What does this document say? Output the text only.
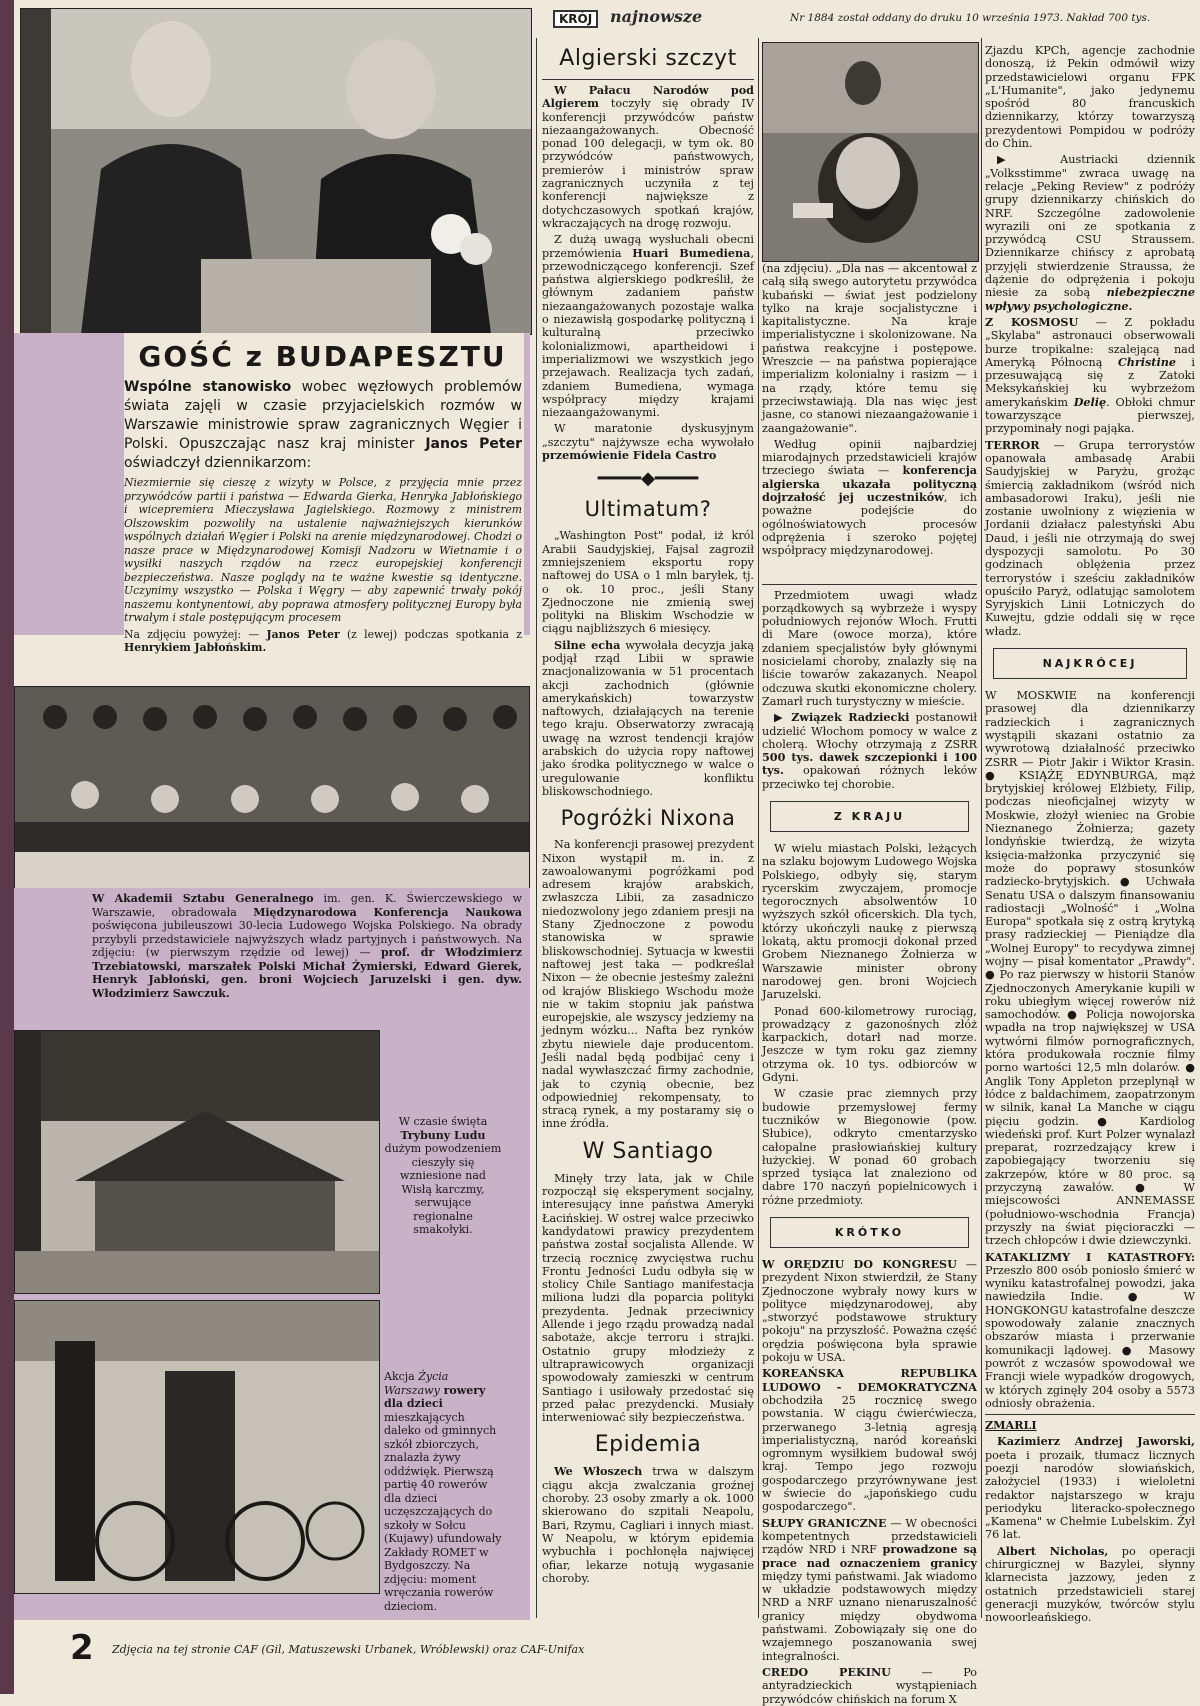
KRÓJ	najnowsze	Nr 1884 został oddany do druku 10 września 1973. Nakład 700 tys.
GOŚĆ z BUDAPESZTU

Wspólne stanowisko wobec węzłowych problemów świata zajęli w czasie przyjacielskich rozmów w Warszawie ministrowie spraw zagranicznych Węgier i Polski. Opuszczając nasz kraj minister Janos Peter oświadczył dziennikarzom:

Niezmiernie się cieszę z wizyty w Polsce, z przyjęcia mnie przez przywódców partii i państwa — Edwarda Gierka, Henryka Jabłońskiego i wicepremiera Mieczysława Jagielskiego. Rozmowy z ministrem Olszowskim pozwoliły na ustalenie najważniejszych kierunków wspólnych działań Węgier i Polski na arenie międzynarodowej. Chodzi o nasze prace w Międzynarodowej Komisji Nadzoru w Wietnamie i o wysiłki naszych rządów na rzecz europejskiej konferencji bezpieczeństwa. Nasze poglądy na te ważne kwestie są identyczne. Uczynimy wszystko — Polska i Węgry — aby zapewnić trwały pokój naszemu kontynentowi, aby poprawa atmosfery politycznej Europy była trwałym i stale postępującym procesem

Na zdjęciu powyżej: — Janos Peter (z lewej) podczas spotkania z Henrykiem Jabłońskim.

W Akademii Sztabu Generalnego im. gen. K. Świerczewskiego w Warszawie, obradowała Międzynarodowa Konferencja Naukowa poświęcona jubileuszowi 30-lecia Ludowego Wojska Polskiego. Na obrady przybyli przedstawiciele najwyższych władz partyjnych i państwowych. Na zdjęciu: (w pierwszym rzędzie od lewej) — prof. dr Włodzimierz Trzebiatowski, marszałek Polski Michał Żymierski, Edward Gierek, Henryk Jabłoński, gen. broni Wojciech Jaruzelski i gen. dyw. Włodzimierz Sawczuk.
W czasie święta Trybuny Ludu dużym powodzeniem cieszyły się wzniesione nad Wisłą karczmy, serwujące regionalne smakołyki.
Akcja Życia Warszawy rowery dla dzieci mieszkających daleko od gminnych szkół zbiorczych, znalazła żywy oddźwięk. Pierwszą partię 40 rowerów dla dzieci uczęszczających do szkoły w Sołcu (Kujawy) ufundowały Zakłady ROMET w Bydgoszczy. Na zdjęciu: moment wręczania rowerów dzieciom.
2 Zdjęcia na tej stronie CAF (Gil, Matuszewski Urbanek, Wróblewski) oraz CAF-Unifax
Algierski szczyt

W Pałacu Narodów pod Algierem toczyły się obrady IV konferencji przywódców państw niezaangażowanych. Obecność ponad 100 delegacji, w tym ok. 80 przywódców państwowych, premierów i ministrów spraw zagranicznych uczyniła z tej konferencji największe z dotychczasowych spotkań krajów, wkraczających na drogę rozwoju.

Z dużą uwagą wysłuchali obecni przemówienia Huari Bumediena, przewodniczącego konferencji. Szef państwa algierskiego podkreślił, że głównym zadaniem państw niezaangażowanych pozostaje walka o niezawisłą gospodarkę polityczną i kulturalną przeciwko kolonializmowi, apartheidowi i imperializmowi we wszystkich jego przejawach. Realizacja tych zadań, zdaniem Bumediena, wymaga współpracy między krajami niezaangażowanymi.

W maratonie dyskusyjnym „szczytu" najżywsze echa wywołało przemówienie Fidela Castro

━━━━◆━━━━
Ultimatum?

„Washington Post" podał, iż król Arabii Saudyjskiej, Fajsal zagroził zmniejszeniem eksportu ropy naftowej do USA o 1 mln baryłek, tj. o ok. 10 proc., jeśli Stany Zjednoczone nie zmienią swej polityki na Bliskim Wschodzie w ciągu najbliższych 6 miesięcy.

Silne echa wywołała decyzja jaką podjął rząd Libii w sprawie znacjonalizowania w 51 procentach akcji zachodnich (głównie amerykańskich) towarzystw naftowych, działających na terenie tego kraju. Obserwatorzy zwracają uwagę na wzrost tendencji krajów arabskich do użycia ropy naftowej jako środka politycznego w walce o uregulowanie konfliktu bliskowschodniego.

Pogróżki Nixona

Na konferencji prasowej prezydent Nixon wystąpił m. in. z zawoalowanymi pogróżkami pod adresem krajów arabskich, zwłaszcza Libii, za zasadniczo niedozwolony jego zdaniem presji na Stany Zjednoczone z powodu stanowiska w sprawie bliskowschodniej. Sytuacja w kwestii naftowej jest taka — podkreślał Nixon — że obecnie jesteśmy zależni od krajów Bliskiego Wschodu może nie w takim stopniu jak państwa europejskie, ale wszyscy jedziemy na jednym wózku... Nafta bez rynków zbytu niewiele daje producentom. Jeśli nadal będą podbijać ceny i nadal wywłaszczać firmy zachodnie, jak to czynią obecnie, bez odpowiedniej rekompensaty, to stracą rynek, a my postaramy się o inne źródła.

W Santiago

Minęły trzy lata, jak w Chile rozpoczął się eksperyment socjalny, interesujący inne państwa Ameryki Łacińskiej. W ostrej walce przeciwko kandydatowi prawicy prezydentem państwa został socjalista Allende. W trzecią rocznicę zwycięstwa ruchu Frontu Jedności Ludu odbyła się w stolicy Chile Santiago manifestacja miliona ludzi dla poparcia polityki prezydenta. Jednak przeciwnicy Allende i jego rządu prowadzą nadal sabotaże, akcje terroru i strajki. Ostatnio grupy młodzieży z ultraprawicowych organizacji spowodowały zamieszki w centrum Santiago i usiłowały przedostać się przed pałac prezydencki. Musiały interweniować siły bezpieczeństwa.

Epidemia

We Włoszech trwa w dalszym ciągu akcja zwalczania groźnej choroby. 23 osoby zmarły a ok. 1000 skierowano do szpitali Neapolu, Bari, Rzymu, Cagliari i innych miast. W Neapolu, w którym epidemia wybuchła i pochłonęła najwięcej ofiar, lekarze notują wygasanie choroby.

(na zdjęciu). „Dla nas — akcentował z całą siłą swego autorytetu przywódca kubański — świat jest podzielony tylko na kraje socjalistyczne i kapitalistyczne. Na kraje imperialistyczne i skolonizowane. Na państwa reakcyjne i postępowe. Wreszcie — na państwa popierające imperializm kolonialny i rasizm — i na rządy, które temu się przeciwstawiają. Dla nas więc jest jasne, co stanowi niezaangażowanie i zaangażowanie".

Według opinii najbardziej miarodajnych przedstawicieli krajów trzeciego świata — konferencja algierska ukazała polityczną dojrzałość jej uczestników, ich poważne podejście do ogólnoświatowych procesów odprężenia i szeroko pojętej współpracy międzynarodowej.

Przedmiotem uwagi władz porządkowych są wybrzeże i wyspy południowych rejonów Włoch. Frutti di Mare (owoce morza), które zdaniem specjalistów były głównymi nosicielami choroby, znalazły się na liście towarów zakazanych. Neapol odczuwa skutki ekonomiczne cholery. Zamarł ruch turystyczny w mieście.

▶ Związek Radziecki postanowił udzielić Włochom pomocy w walce z cholerą. Włochy otrzymają z ZSRR 500 tys. dawek szczepionki i 100 tys. opakowań różnych leków przeciwko tej chorobie.

Z KRAJU

W wielu miastach Polski, leżących na szlaku bojowym Ludowego Wojska Polskiego, odbyły się, starym rycerskim zwyczajem, promocje tegorocznych absolwentów 10 wyższych szkół oficerskich. Dla tych, którzy ukończyli naukę z pierwszą lokatą, aktu promocji dokonał przed Grobem Nieznanego Żołnierza w Warszawie minister obrony narodowej gen. broni Wojciech Jaruzelski.

Ponad 600-kilometrowy rurociąg, prowadzący z gazonośnych złóż karpackich, dotarł nad morze. Jeszcze w tym roku gaz ziemny otrzyma ok. 10 tys. odbiorców w Gdyni.

W czasie prac ziemnych przy budowie przemysłowej fermy tuczników w Biegonowie (pow. Słubice), odkryto cmentarzysko całopalne prasłowiańskiej kultury łużyckiej. W ponad 60 grobach sprzed tysiąca lat znaleziono od dabre 170 naczyń popielnicowych i różne przedmioty.

KRÓTKO

W ORĘDZIU DO KONGRESU — prezydent Nixon stwierdził, że Stany Zjednoczone wybrały nowy kurs w polityce międzynarodowej, aby „stworzyć podstawowe struktury pokoju" na przyszłość. Poważna część orędzia poświęcona była sprawie pokoju w USA.

KOREAŃSKA REPUBLIKA LUDOWO - DEMOKRATYCZNA obchodziła 25 rocznicę swego powstania. W ciągu ćwierćwiecza, przerwanego 3-letnią agresją imperialistyczną, naród koreański ogromnym wysiłkiem budował swój kraj. Tempo jego rozwoju gospodarczego przyrównywane jest w świecie do „japońskiego cudu gospodarczego".

SŁUPY GRANICZNE — W obecności kompetentnych przedstawicieli rządów NRD i NRF prowadzone są prace nad oznaczeniem granicy między tymi państwami. Jak wiadomo w układzie podstawowych między NRD a NRF uznano nienaruszalność granicy między obydwoma państwami. Zobowiązały się one do wzajemnego poszanowania swej integralności.

CREDO PEKINU — Po antyradzieckich wystąpieniach przywódców chińskich na forum X

Zjazdu KPCh, agencje zachodnie donoszą, iż Pekin odmówił wizy przedstawicielowi organu FPK „L'Humanite", jako jedynemu spośród 80 francuskich dziennikarzy, którzy towarzyszą prezydentowi Pompidou w podróży do Chin.

▶ Austriacki dziennik „Volksstimme" zwraca uwagę na relacje „Peking Review" z podróży grupy dziennikarzy chińskich do NRF. Szczególne zadowolenie wyrazili oni ze spotkania z przywódcą CSU Straussem. Dziennikarze chińscy z aprobatą przyjęli stwierdzenie Straussa, że dążenie do odprężenia i pokoju niesie za sobą niebezpieczne wpływy psychologiczne.

Z KOSMOSU — Z pokładu „Skylaba" astronauci obserwowali burze tropikalne: szalejącą nad Ameryką Północną Christine i przesuwającą się z Zatoki Meksykańskiej ku wybrzeżom amerykańskim Delię. Obłoki chmur towarzyszące pierwszej, przypominały nogi pająka.

TERROR — Grupa terrorystów opanowała ambasadę Arabii Saudyjskiej w Paryżu, grożąc śmiercią zakładnikom (wśród nich ambasadorowi Iraku), jeśli nie zostanie uwolniony z więzienia w Jordanii działacz palestyński Abu Daud, i jeśli nie otrzymają do swej dyspozycji samolotu. Po 30 godzinach oblężenia przez terrorystów i sześciu zakładników opuściło Paryż, odlatując samolotem Syryjskich Linii Lotniczych do Kuwejtu, gdzie oddali się w ręce władz.

NAJKRÓCEJ

W MOSKWIE na konferencji prasowej dla dziennikarzy radzieckich i zagranicznych wystąpili skazani ostatnio za wywrotową działalność przeciwko ZSRR — Piotr Jakir i Wiktor Krasin. ● KSIĄŻĘ EDYNBURGA, mąż brytyjskiej królowej Elżbiety, Filip, podczas nieoficjalnej wizyty w Moskwie, złożył wieniec na Grobie Nieznanego Żołnierza; gazety londyńskie twierdzą, że wizyta księcia-małżonka przyczynić się może do poprawy stosunków radziecko-brytyjskich. ● Uchwała Senatu USA o dalszym finansowaniu radiostacji „Wolność" i „Wolna Europa" spotkała się z ostrą krytyką prasy radzieckiej — Pieniądze dla „Wolnej Europy" to recydywa zimnej wojny — pisał komentator „Prawdy". ● Po raz pierwszy w historii Stanów Zjednoczonych Amerykanie kupili w roku ubiegłym więcej rowerów niż samochodów. ● Policja nowojorska wpadła na trop największej w USA wytwórni filmów pornograficznych, która produkowała rocznie filmy porno wartości 12,5 mln dolarów. ● Anglik Tony Appleton przeplynął w łódce z baldachimem, zaopatrzonym w silnik, kanał La Manche w ciągu pięciu godzin. ● Kardiolog wiedeński prof. Kurt Polzer wynalazł preparat, rozrzedzający krew i zapobiegający tworzeniu się zakrzepów, które w 80 proc. są przyczyną zawałów. ● W miejscowości ANNEMASSE (południowo-wschodnia Francja) przyszły na świat pięcioraczki — trzech chłopców i dwie dziewczynki.

KATAKLIZMY I KATASTROFY: Przeszło 800 osób poniosło śmierć w wyniku katastrofalnej powodzi, jaka nawiedziła Indie. ● W HONGKONGU katastrofalne deszcze spowodowały zalanie znacznych obszarów miasta i przerwanie komunikacji lądowej. ● Masowy powrót z wczasów spowodował we Francji wiele wypadków drogowych, w których zginęły 204 osoby a 5573 odniosły obrażenia.

ZMARLI

Kazimierz Andrzej Jaworski, poeta i prozaik, tłumacz licznych poezji narodów słowiańskich, założyciel (1933) i wieloletni redaktor najstarszego w kraju periodyku literacko-społecznego „Kamena" w Chełmie Lubelskim. Żył 76 lat.

Albert Nicholas, po operacji chirurgicznej w Bazylei, słynny klarnecista jazzowy, jeden z ostatnich przedstawicieli starej generacji muzyków, twórców stylu nowoorleańskiego.
